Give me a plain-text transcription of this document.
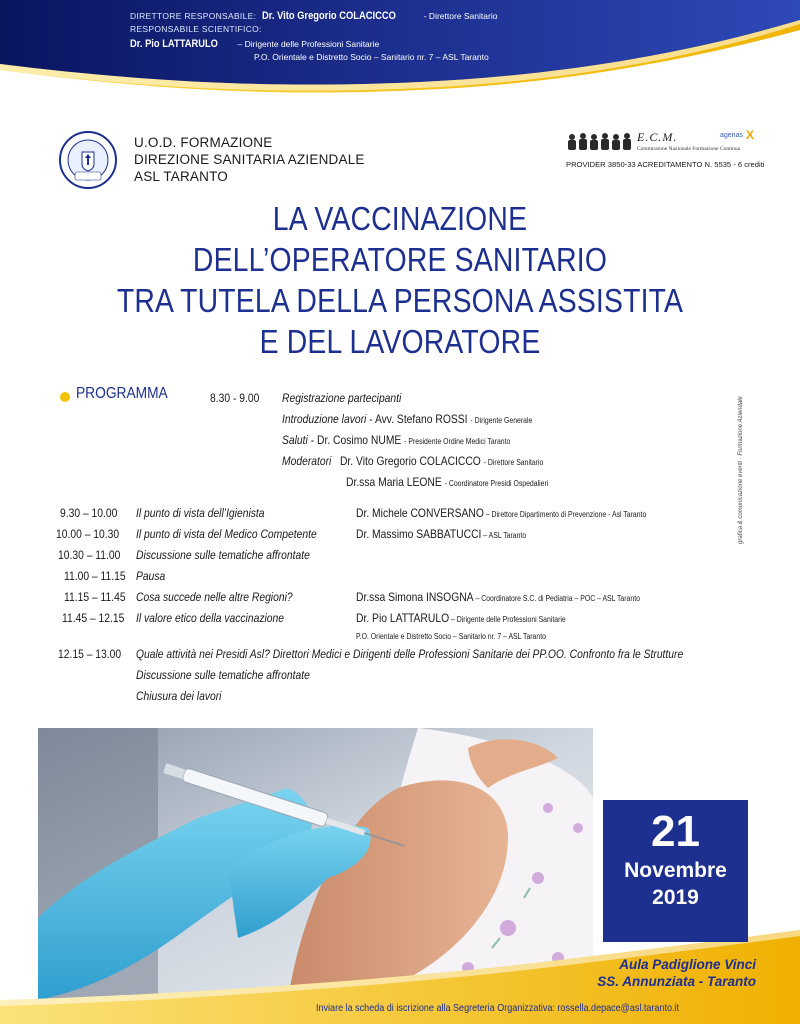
DIRETTORE RESPONSABILE: Dr. Vito Gregorio COLACICCO	- Direttore Sanitario
RESPONSABILE SCIENTIFICO:
Dr. Pio LATTARULO – Dirigente delle Professioni Sanitarie
P.O. Orientale e Distretto Socio – Sanitario nr. 7 – ASL Taranto
U.O.D. FORMAZIONE
DIREZIONE SANITARIA AZIENDALE
ASL TARANTO
E.C.M.
Commissione Nazionale Formazione Continua
agenas X
PROVIDER 3850-33 ACREDITAMENTO N. 5535 - 6 crediti
LA VACCINAZIONE
DELL’OPERATORE SANITARIO
TRA TUTELA DELLA PERSONA ASSISTITA
E DEL LAVORATORE
grafica & comunicazione eventi · Formazione Aziendale
PROGRAMMA	8.30 - 9.00	Registrazione partecipanti
Introduzione lavori - Avv. Stefano ROSSI - Dirigente Generale
Saluti - Dr. Cosimo NUME - Presidente Ordine Medici Taranto
Moderatori Dr. Vito Gregorio COLACICCO - Direttore Sanitario
Dr.ssa Maria LEONE - Coordinatore Presidi Ospedalieri
9.30 – 10.00	Il punto di vista dell’Igienista	Dr. Michele CONVERSANO – Direttore Dipartimento di Prevenzione - Asl Taranto
10.00 – 10.30	Il punto di vista del Medico Competente	Dr. Massimo SABBATUCCI – ASL Taranto
10.30 – 11.00	Discussione sulle tematiche affrontate
11.00 – 11.15 Pausa
11.15 – 11.45 Cosa succede nelle altre Regioni?	Dr.ssa Simona INSOGNA – Coordinatore S.C. di Pediatria – POC – ASL Taranto
11.45 – 12.15 Il valore etico della vaccinazione	Dr. Pio LATTARULO – Dirigente delle Professioni Sanitarie
P.O. Orientale e Distretto Socio – Sanitario nr. 7 – ASL Taranto
12.15 – 13.00	Quale attività nei Presidi Asl? Direttori Medici e Dirigenti delle Professioni Sanitarie dei PP.OO. Confronto fra le Strutture
Discussione sulle tematiche affrontate
Chiusura dei lavori
21
Novembre
2019
Aula Padiglione Vinci
SS. Annunziata - Taranto
Inviare la scheda di iscrizione alla Segreteria Organizzativa: rossella.depace@asl.taranto.it
